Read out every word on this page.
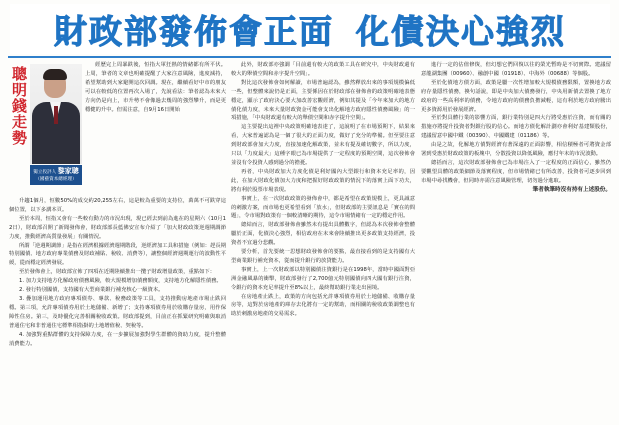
財政部發佈會正面 化債決心強烈
聰明錢走勢
獨立投評人 黎家聰
（國藝資本總經理）

經歷完上周暴跌後，恒指大軍狂熱的情緒都有所平伏。上周，筆者的文章也明確提醒了大家注意風險，進度減持，希望幫助到大家避開這次回調。現在，繼續看好中市的朋友可以在較低的位置再次入場了，先說看法：筆者認為未來大方向仍是向上，市升勢不會像過去幾周的強烈攀升，而是更穩健的升中。但需注意，自9月16日開始

升趨1個月，恒數50%的成交約20,255左右，這是較為重要的支持位，萬萬不可跌穿這個位置，以下多講本頁。

至於本周，恒指又會有一些較有動力的市況出現，現已經去到前為進在的星期六（10月12日），財政部召開了新聞發佈會，財政部部長藍佛安宣布介紹了「加大財政政策逆週期調節力度，推動經濟高質量發展」有關情況。

所謂「逆週期調節」是指在經濟根據經濟週期階段，逆經濟加工具和措施（例如：趕長期特別國債、地方政府專業債務及財政補貼、稅收、消費等），讓整個經濟週期運行的波動性平緩，從而穩定經濟發展。

至於發佈會上，財政部宣佈了四項在近期陸續推出一攬子財政增量政策，重點如下：

1. 加力支持地方化解政府債務風險，較大規模增加債務額度，支持地方化解隱性債務。

2. 發行特別國債，支持國有大型商業銀行補充核心一級資本。

3. 疊加運用地方政府專項債券、專款、稅務政策等工具，支持推動房地產市場止跌回穩。第三項，允許專項債券用於土地儲備、新增了；支持專項債券用於收購存量房，用作保障性住房。第三，及時優化完善相關稅收政策。財政部提到，目前正在抓緊研究明確與取消普通住宅和非普通住宅標準相指掛的土地增值稅、契稅等。

4. 加強對重點群體的支持保障力度，在一步擴展加強對學生群體的資助力度，提升整體消費能力。

此外，財政部亦強調「目前還有較大的政策工具在研究中，中央財政還有較大的舉債空間和赤字提升空間」。

對比這次發佈會如何解讀，市場普遍認為，雖然釋放出來的事項規模偏低一些，但整體來說仍是正面，主要係因在於財政部在發佈會的政策明確地表態穩定，顯示了政府決心要大加改善宏觀經濟，例如其提及「今年來加大的地方債化債力度，未來大量財政資金可能會支出化解地方政府隱性債務風險」的一項措施，「中央財政還有較大的舉債空間和赤字提升空間」。

這主要提出這裡中央政策明確地表達了，這說明了在市場預期下，結果來看，大家普遍認為是一個了很大的正面力度，做好了充分的準備。但至要注意到財政部會加大力度，直接加速化解政策，並未有提及確切數字，所以力度，只以「力度最大」這種字眼已為市場提供了一定程度的預期空間，這次發佈會並沒有令投資人感到過分的擔憂。

再者，中央財政加大力度化債是利好國內大型銀行和資本充足率的，因此，在加大財政化債加大力度和把握好財政政策的情況下的落實上面下功夫，將有利於股票市場表現。

事實上，在一次財政政策的發佈會中，都是希望在政策規模上，更具誠意的刺激方案，而市場也更希望看到「放水」，但財政部的主要訊息是「實在的問題」，令市場對政策有一個較清晰的期待，這令市場情緒有一定的穩定作用。

總結而言，財政部發佈會雖然未有提出具體數字，但認為本次發佈會整體屬於正面，化債決心強烈，相信政府在未來會陸續推出更多政策支持經濟，投資者不宜過分悲觀。

要分析，首先要統一思想財政發佈會的要點，最直接看到的是支持國有大型商業銀行補充資本，從而提升銀行的放貸能力。

事實上，上一次財政部以特別國債注資銀行是在1998年，當時中國面對亞洲金融風暴的衝擊，財政部發行了2,700億元特別國債向四大國有銀行注資，令銀行的資本充足率提升至8%以上，最終幫助銀行業走出困境。

在房地產止跌上，政策的方向包括允許專項債券用於土地儲備、收購存量房等，這對於房地產的庫存去化將有一定的幫助，而相關的稅收政策調整也有助於刺激房地產的交易需求。

進行一定的估值修復，但幻想它們回復以往的榮光暫時是不切實際。建議留意龍湖集團（00960）、融創中國（01918）、中海外（00688）等個股。

至於化債地方債方面，政策是屬一次性增加較大規模債務限額，置換地方政府存量隱性債務，換句話說，即是中央加大債務發行，中央用新債去置換了地方政府的一些高利率的債務，令地方政府的債務負擔減輕，這有利於地方政府騰出更多資源用於發展經濟。

至於對具體行業的影響方面，銀行業特別是四大行將受惠於注資，而有關的措施亦將提升投資者對銀行股的信心。而地方債化解計劃亦會利好基建類股份，建議留意中國中鐵（00390）、中國鐵建（01186）等。

由是之故，化解地方債對經濟有著深遠的正面影響，相信積極者可將資金部署到受惠於財政政策的板塊中，分散投資以降低風險，應付年末的市況波動。

總括而言，這次財政部發佈會已為市場注入了一定程度的正面信心，雖然仍要觀望具體的政策細節及落實程度，但市場情緒已有所改善，投資者可逐步回到市場中尋找機會，但同時亦需注意風險管理，切勿過分進取。

筆者執筆時沒有持有上述股份。
